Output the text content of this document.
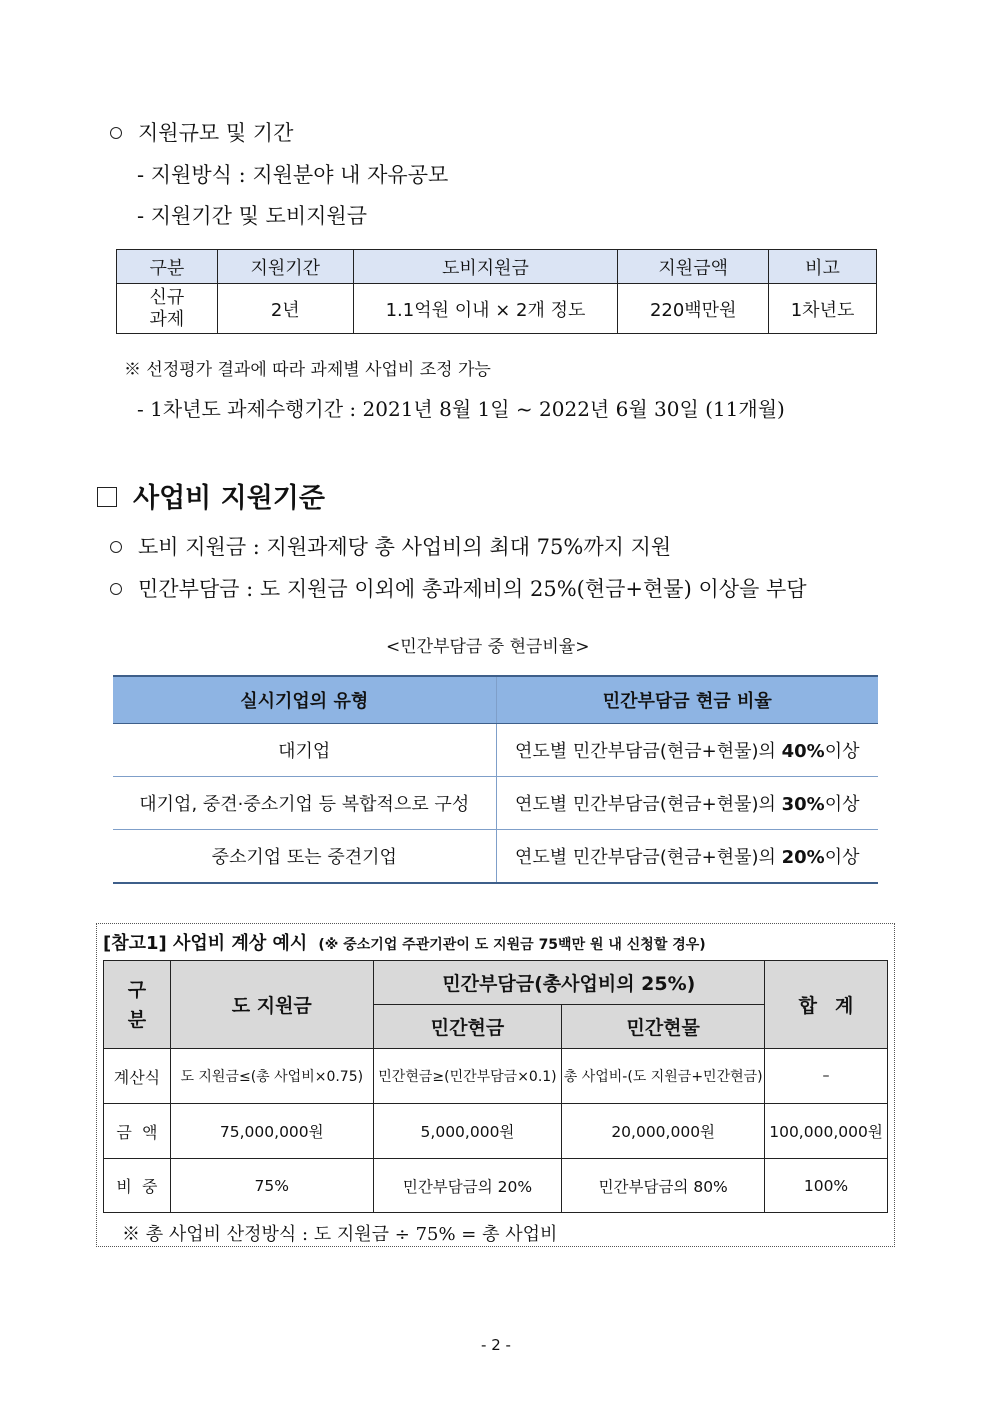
지원규모 및 기간
- 지원방식 : 지원분야 내 자유공모
- 지원기간 및 도비지원금
구분	지원기간	도비지원금	지원금액	비고

신규
과제	2년	1.1억원 이내 × 2개 정도	220백만원	1차년도
※ 선정평가 결과에 따라 과제별 사업비 조정 가능
- 1차년도 과제수행기간 : 2021년 8월 1일 ~ 2022년 6월 30일 (11개월)
사업비 지원기준
도비 지원금 : 지원과제당 총 사업비의 최대 75%까지 지원
민간부담금 : 도 지원금 이외에 총과제비의 25%(현금+현물) 이상을 부담
<민간부담금 중 현금비율>
실시기업의 유형	민간부담금 현금 비율
대기업	연도별 민간부담금(현금+현물)의 40%이상
대기업, 중견·중소기업 등 복합적으로 구성	연도별 민간부담금(현금+현물)의 30%이상
중소기업 또는 중견기업	연도별 민간부담금(현금+현물)의 20%이상
[참고1] 사업비 계상 예시 (※ 중소기업 주관기관이 도 지원금 75백만 원 내 신청할 경우)
구
분	도 지원금	민간부담금(총사업비의 25%)		합계
		민간현금	민간현물	
계산식	도 지원금≤(총 사업비×0.75)	민간현금≥(민간부담금×0.1)	총 사업비-(도 지원금+민간현금)	–
금  액	75,000,000원	5,000,000원	20,000,000원	100,000,000원
비  중	75%	민간부담금의 20%	민간부담금의 80%	100%
※ 총 사업비 산정방식 : 도 지원금 ÷ 75% = 총 사업비
- 2 -
